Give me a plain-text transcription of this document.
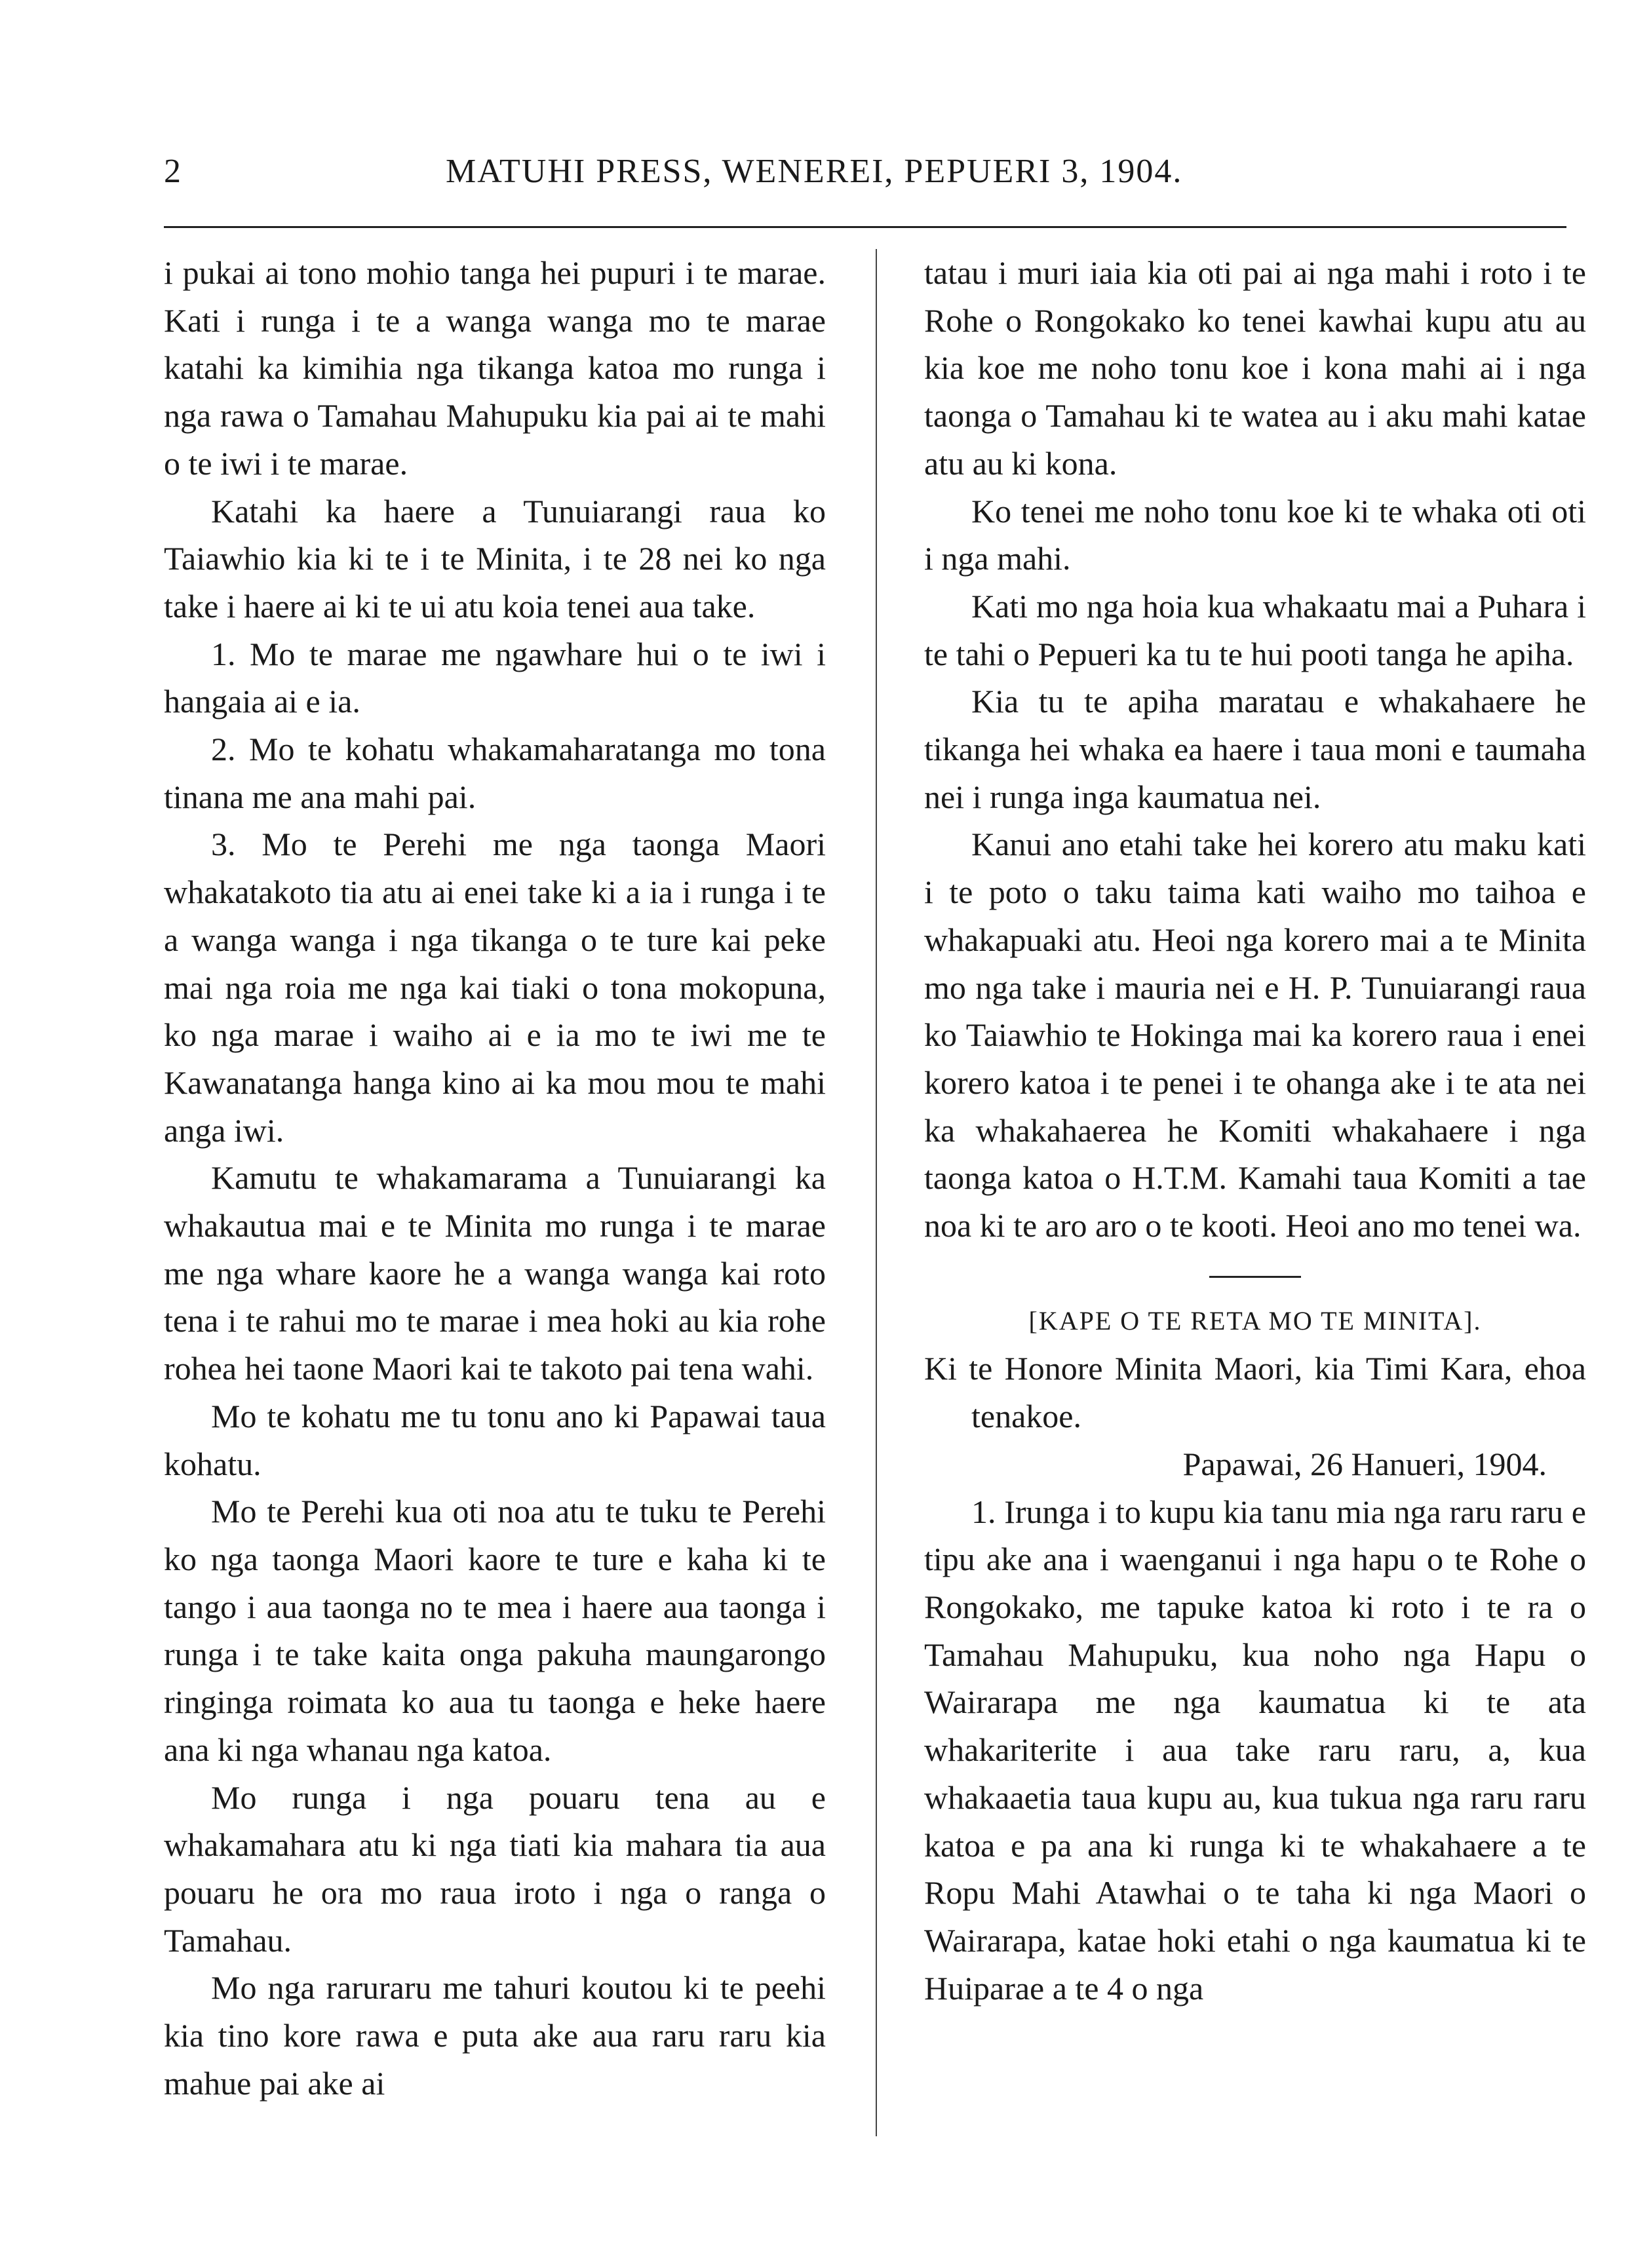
2	MATUHI PRESS, WENEREI, PEPUERI 3, 1904.

i pukai ai tono mohio tanga hei pupuri i te marae. Kati i runga i te a wanga wanga mo te marae katahi ka kimihia nga tikanga katoa mo runga i nga rawa o Tamahau Mahupuku kia pai ai te mahi o te iwi i te marae.

Katahi ka haere a Tunuiarangi raua ko Taiawhio kia ki te i te Minita, i te 28 nei ko nga take i haere ai ki te ui atu koia tenei aua take.

1. Mo te marae me ngawhare hui o te iwi i hangaia ai e ia.

2. Mo te kohatu whakamaharatanga mo tona tinana me ana mahi pai.

3. Mo te Perehi me nga taonga Maori whakatakoto tia atu ai enei take ki a ia i runga i te a wanga wanga i nga tikanga o te ture kai peke mai nga roia me nga kai tiaki o tona mokopuna, ko nga marae i waiho ai e ia mo te iwi me te Kawanatanga hanga kino ai ka mou mou te mahi anga iwi.

Kamutu te whakamarama a Tunuiarangi ka whakautua mai e te Minita mo runga i te marae me nga whare kaore he a wanga wanga kai roto tena i te rahui mo te marae i mea hoki au kia rohe rohea hei taone Maori kai te takoto pai tena wahi.

Mo te kohatu me tu tonu ano ki Papawai taua kohatu.

Mo te Perehi kua oti noa atu te tuku te Perehi ko nga taonga Maori kaore te ture e kaha ki te tango i aua taonga no te mea i haere aua taonga i runga i te take kaita onga pakuha maungarongo ringinga roimata ko aua tu taonga e heke haere ana ki nga whanau nga katoa.

Mo runga i nga pouaru tena au e whakamahara atu ki nga tiati kia mahara tia aua pouaru he ora mo raua iroto i nga o ranga o Tamahau.

Mo nga raruraru me tahuri koutou ki te peehi kia tino kore rawa e puta ake aua raru raru kia mahue pai ake ai

tatau i muri iaia kia oti pai ai nga mahi i roto i te Rohe o Rongokako ko tenei kawhai kupu atu au kia koe me noho tonu koe i kona mahi ai i nga taonga o Tamahau ki te watea au i aku mahi katae atu au ki kona.

Ko tenei me noho tonu koe ki te whaka oti oti i nga mahi.

Kati mo nga hoia kua whakaatu mai a Puhara i te tahi o Pepueri ka tu te hui pooti tanga he apiha.

Kia tu te apiha maratau e whakahaere he tikanga hei whaka ea haere i taua moni e taumaha nei i runga inga kaumatua nei.

Kanui ano etahi take hei korero atu maku kati i te poto o taku taima kati waiho mo taihoa e whakapuaki atu. Heoi nga korero mai a te Minita mo nga take i mauria nei e H. P. Tunuiarangi raua ko Taiawhio te Hokinga mai ka korero raua i enei korero katoa i te penei i te ohanga ake i te ata nei ka whakahaerea he Komiti whakahaere i nga taonga katoa o H.T.M. Kamahi taua Komiti a tae noa ki te aro aro o te kooti. Heoi ano mo tenei wa.

[KAPE O TE RETA MO TE MINITA].

Ki te Honore Minita Maori, kia Timi Kara, ehoa tenakoe.

Papawai, 26 Hanueri, 1904.

1. Irunga i to kupu kia tanu mia nga raru raru e tipu ake ana i waenganui i nga hapu o te Rohe o Rongokako, me tapuke katoa ki roto i te ra o Tamahau Mahupuku, kua noho nga Hapu o Wairarapa me nga kaumatua ki te ata whakariterite i aua take raru raru, a, kua whakaaetia taua kupu au, kua tukua nga raru raru katoa e pa ana ki runga ki te whakahaere a te Ropu Mahi Atawhai o te taha ki nga Maori o Wairarapa, katae hoki etahi o nga kaumatua ki te Huiparae a te 4 o nga
